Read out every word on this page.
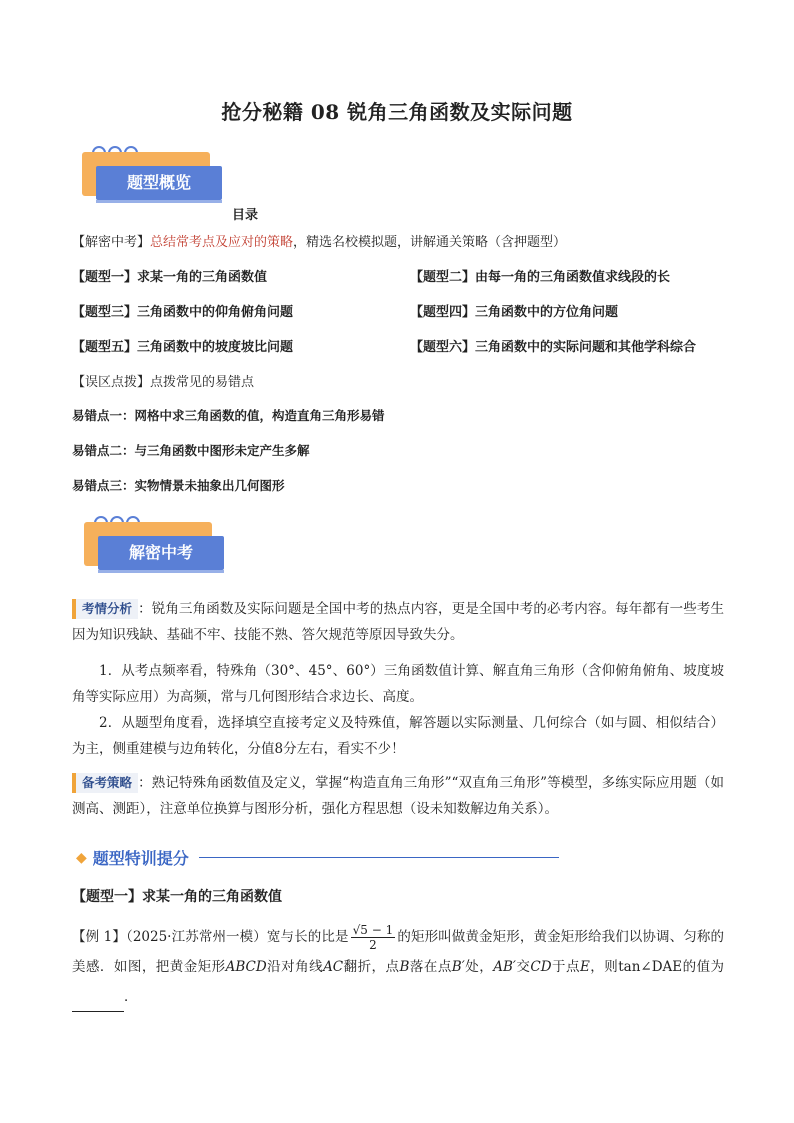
抢分秘籍 08 锐角三角函数及实际问题
题型概览
目录
【解密中考】总结常考点及应对的策略，精选名校模拟题，讲解通关策略（含押题型）
【题型一】求某一角的三角函数值	【题型二】由每一角的三角函数值求线段的长
【题型三】三角函数中的仰角俯角问题	【题型四】三角函数中的方位角问题
【题型五】三角函数中的坡度坡比问题	【题型六】三角函数中的实际问题和其他学科综合
【误区点拨】点拨常见的易错点
易错点一：网格中求三角函数的值，构造直角三角形易错
易错点二：与三角函数中图形未定产生多解
易错点三：实物情景未抽象出几何图形
解密中考
考情分析 ：锐角三角函数及实际问题是全国中考的热点内容，更是全国中考的必考内容。每年都有一些考生因为知识残缺、基础不牢、技能不熟、答欠规范等原因导致失分。
1．从考点频率看，特殊角（30°、45°、60°）三角函数值计算、解直角三角形（含仰俯角俯角、坡度坡角等实际应用）为高频，常与几何图形结合求边长、高度。
2．从题型角度看，选择填空直接考定义及特殊值，解答题以实际测量、几何综合（如与圆、相似结合）为主，侧重建模与边角转化，分值8分左右，看实不少！
备考策略 ：熟记特殊角函数值及定义，掌握“构造直角三角形”“双直角三角形”等模型，多练实际应用题（如测高、测距），注意单位换算与图形分析，强化方程思想（设未知数解边角关系）。
◆ 题型特训提分
【题型一】求某一角的三角函数值
【例 1】（2025·江苏常州一模）宽与长的比是 $\frac{√5 - 1}{2}$ 的矩形叫做黄金矩形，黄金矩形给我们以协调、匀称的美感．如图，把黄金矩形ABCD沿对角线AC翻折，点B落在点B′处，AB′交CD于点E，则tan∠DAE的值为．
